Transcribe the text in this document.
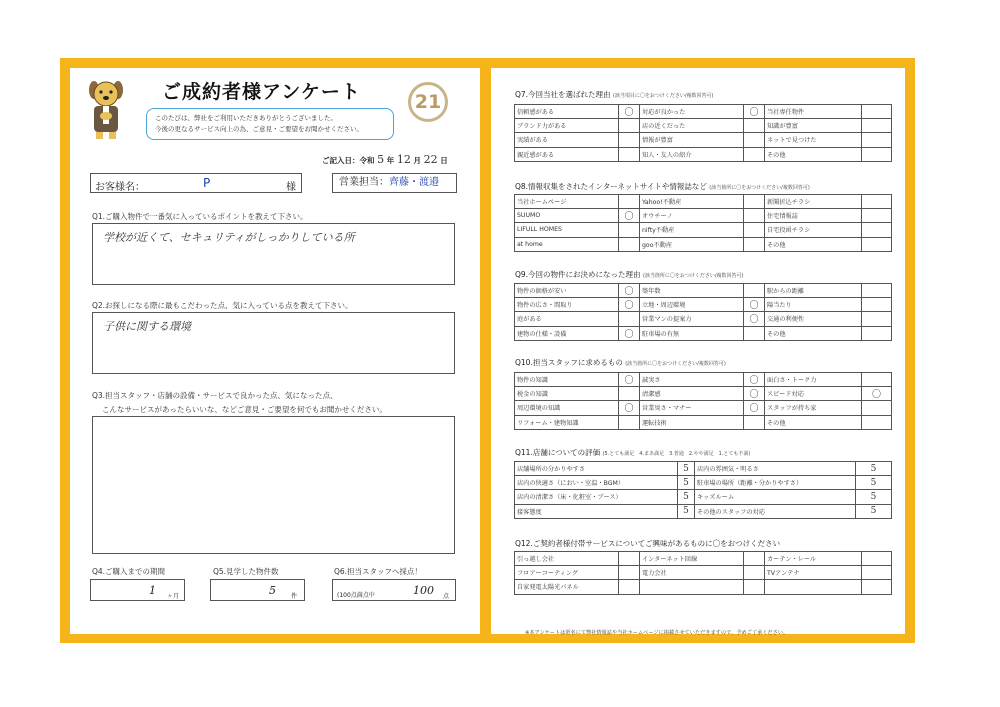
ご成約者様アンケート
このたびは、弊社をご利用いただきありがとうございました。
今後の更なるサービス向上の為、ご意見・ご要望をお聞かせください。
21
ご記入日：令和 5 年 12 月 22 日
お客様名：	P	様	営業担当：齊藤・渡邉
Q1.ご購入物件で一番気に入っているポイントを教えて下さい。
学校が近くて、セキュリティがしっかりしている所
Q2.お探しになる際に最もこだわった点、気に入っている点を教えて下さい。
子供に関する環境
Q3.担当スタッフ・店舗の設備・サービスで良かった点、気になった点、
こんなサービスがあったらいいな、などご意見・ご要望を何でもお聞かせください。
Q4.ご購入までの期間
1 ヶ月
Q5.見学した物件数
5	件
Q6.担当スタッフへ採点！
(100点満点中	100 点
Q7.今回当社を選ばれた理由 (該当項目に〇をおつけください/複数回答可)
信頼感がある	〇	対応が良かった	〇	当社専任物件	
ブランド力がある		店の近くだった		知識が豊富	
実績がある		情報が豊富		ネットで見つけた	
親近感がある		知人・友人の紹介		その他	
Q8.情報収集をされたインターネットサイトや情報誌など (該当箇所に〇をおつけください/複数回答可)
当社ホームページ		Yahoo!不動産		新聞折込チラシ	
SUUMO	〇	オウチーノ		住宅情報誌	
LIFULL HOMES		nifty不動産		自宅投函チラシ	
at home		goo不動産		その他	
Q9.今回の物件にお決めになった理由 (該当箇所に〇をおつけください/複数回答可)
物件の価格が安い	〇	築年数		駅からの距離	
物件の広さ・間取り	〇	立地・周辺環境	〇	陽当たり	
庭がある		営業マンの提案力	〇	交通の利便性	
建物の仕様・設備	〇	駐車場の有無		その他	
Q10.担当スタッフに求めるもの (該当箇所に〇をおつけください/複数回答可)
物件の知識	〇	誠実さ	〇	面白さ・トーク力	
税金の知識		清潔感	〇	スピード対応	〇
周辺環境の知識	〇	営業臭さ・マナー	〇	スタッフが持ち家	
リフォーム・建物知識		運転技術		その他	
Q11.店舗についての評価 (5.とても満足　4.まあ満足　3.普通　2.やや満足　1.とても不満)
店舗場所の分かりやすさ	5	店内の雰囲気・明るさ	5
店内の快適さ（におい・室温・BGM）	5	駐車場の場所（距離・分かりやすさ）	5
店内の清潔さ（床・化粧室・ブース）	5	キッズルーム	5
接客態度	5	その他のスタッフの対応	5
Q12.ご契約者様付帯サービスについてご興味があるものに〇をおつけください
引っ越し会社		インターネット回線		カーテン・レール	
フロアーコーティング		電力会社		TVアンテナ	
自家発電太陽光パネル					
※本アンケートは匿名にて弊社情報誌や当社ホームページに掲載させていただきますので、予めご了承ください。
